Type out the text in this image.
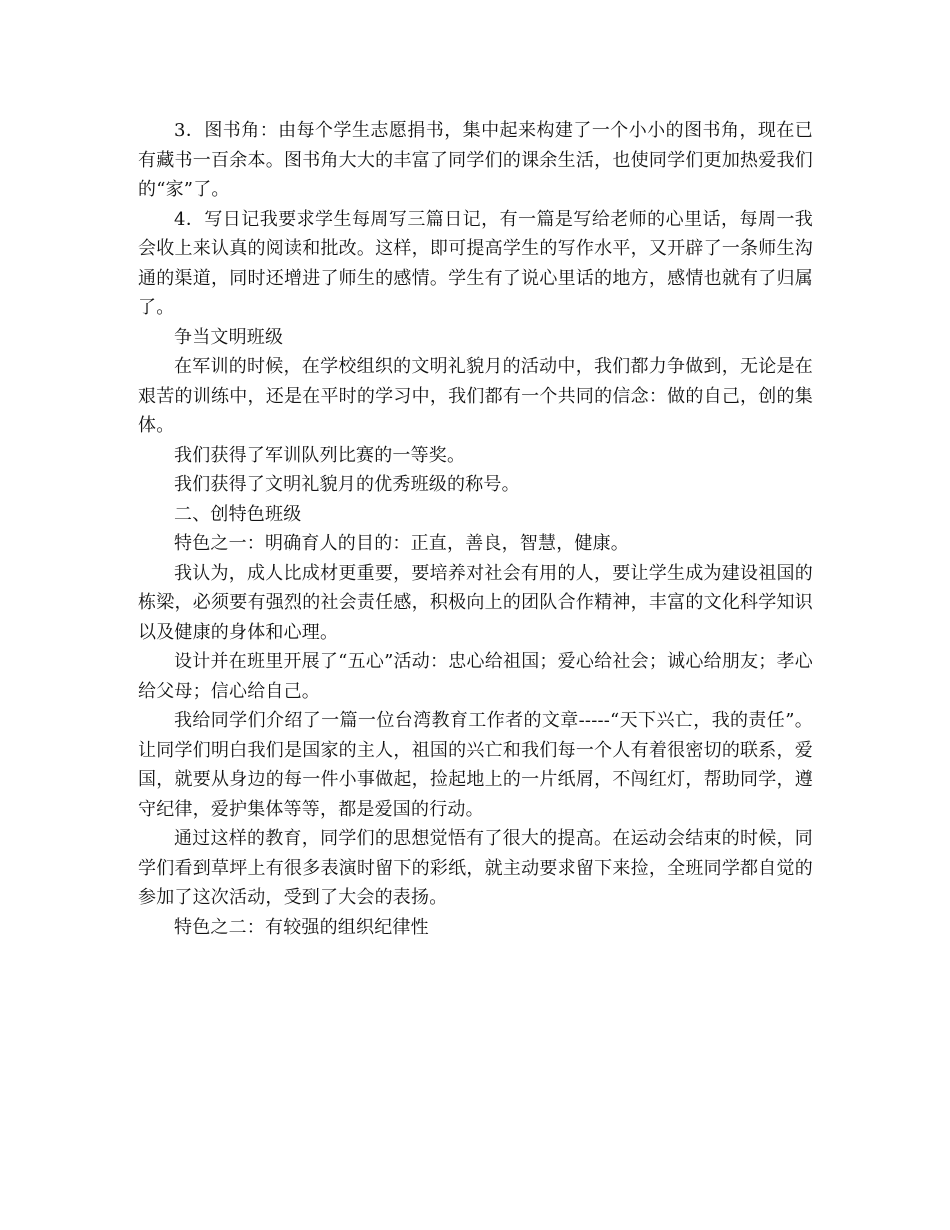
3．图书角：由每个学生志愿捐书，集中起来构建了一个小小的图书角，现在已有藏书一百余本。图书角大大的丰富了同学们的课余生活，也使同学们更加热爱我们的“家”了。

4．写日记我要求学生每周写三篇日记，有一篇是写给老师的心里话，每周一我会收上来认真的阅读和批改。这样，即可提高学生的写作水平，又开辟了一条师生沟通的渠道，同时还增进了师生的感情。学生有了说心里话的地方，感情也就有了归属了。

争当文明班级

在军训的时候，在学校组织的文明礼貌月的活动中，我们都力争做到，无论是在艰苦的训练中，还是在平时的学习中，我们都有一个共同的信念：做的自己，创的集体。

我们获得了军训队列比赛的一等奖。

我们获得了文明礼貌月的优秀班级的称号。

二、创特色班级

特色之一：明确育人的目的：正直，善良，智慧，健康。

我认为，成人比成材更重要，要培养对社会有用的人，要让学生成为建设祖国的栋梁，必须要有强烈的社会责任感，积极向上的团队合作精神，丰富的文化科学知识以及健康的身体和心理。

设计并在班里开展了“五心”活动：忠心给祖国；爱心给社会；诚心给朋友；孝心给父母；信心给自己。

我给同学们介绍了一篇一位台湾教育工作者的文章-----“天下兴亡，我的责任”。让同学们明白我们是国家的主人，祖国的兴亡和我们每一个人有着很密切的联系，爱国，就要从身边的每一件小事做起，捡起地上的一片纸屑，不闯红灯，帮助同学，遵守纪律，爱护集体等等，都是爱国的行动。

通过这样的教育，同学们的思想觉悟有了很大的提高。在运动会结束的时候，同学们看到草坪上有很多表演时留下的彩纸，就主动要求留下来捡，全班同学都自觉的参加了这次活动，受到了大会的表扬。

特色之二：有较强的组织纪律性
